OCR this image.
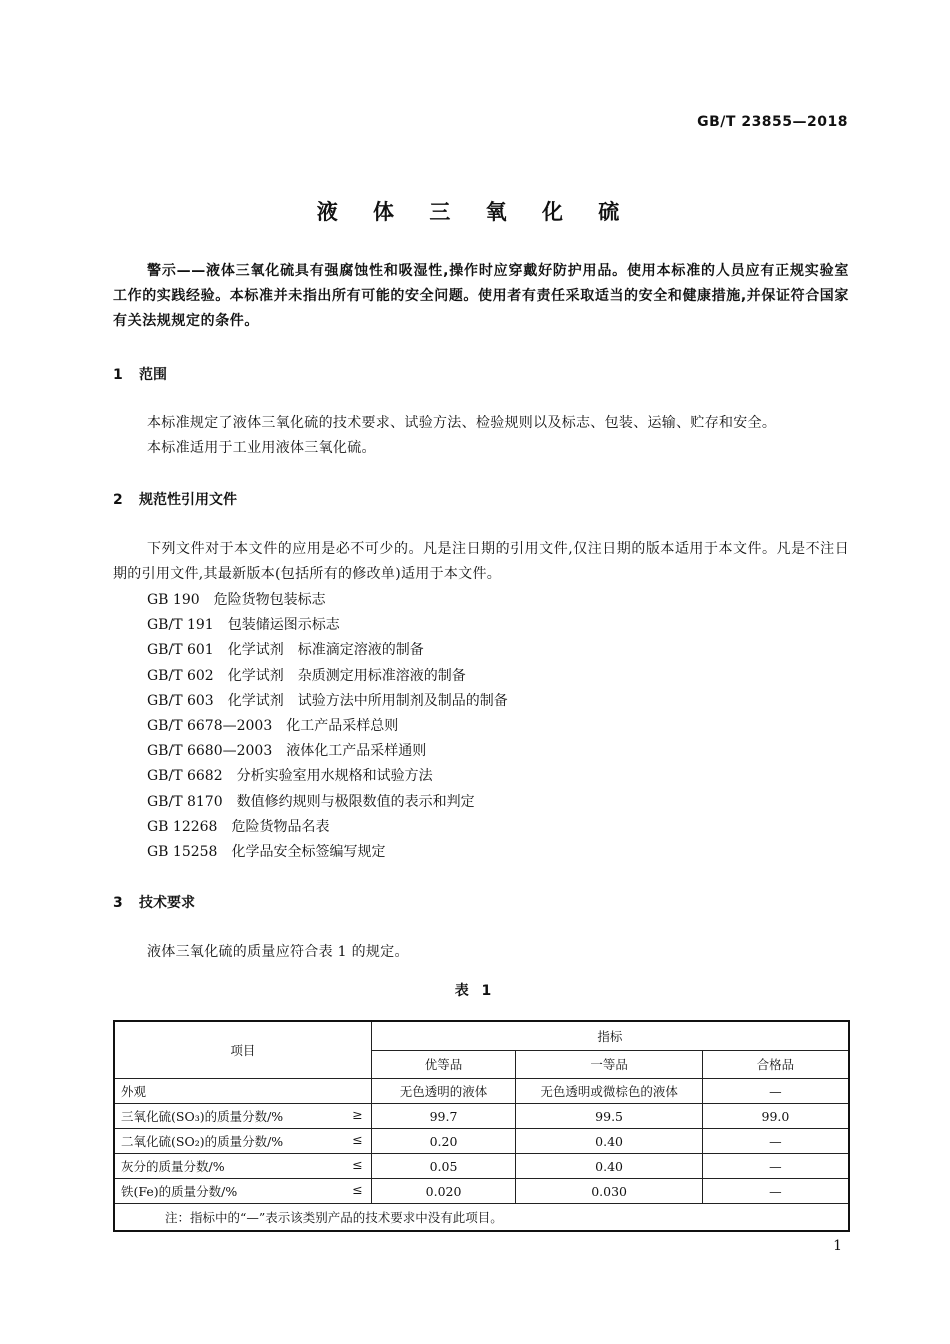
GB/T 23855—2018
液 体 三 氧 化 硫
警示——液体三氧化硫具有强腐蚀性和吸湿性,操作时应穿戴好防护用品。使用本标准的人员应有正规实验室工作的实践经验。本标准并未指出所有可能的安全问题。使用者有责任采取适当的安全和健康措施,并保证符合国家有关法规规定的条件。
1 范围
本标准规定了液体三氧化硫的技术要求、试验方法、检验规则以及标志、包装、运输、贮存和安全。
本标准适用于工业用液体三氧化硫。
2 规范性引用文件
下列文件对于本文件的应用是必不可少的。凡是注日期的引用文件,仅注日期的版本适用于本文件。凡是不注日期的引用文件,其最新版本(包括所有的修改单)适用于本文件。
GB 190 危险货物包装标志
GB/T 191 包装储运图示标志
GB/T 601 化学试剂　标准滴定溶液的制备
GB/T 602 化学试剂　杂质测定用标准溶液的制备
GB/T 603 化学试剂　试验方法中所用制剂及制品的制备
GB/T 6678—2003 化工产品采样总则
GB/T 6680—2003 液体化工产品采样通则
GB/T 6682 分析实验室用水规格和试验方法
GB/T 8170 数值修约规则与极限数值的表示和判定
GB 12268 危险货物品名表
GB 15258 化学品安全标签编写规定
3 技术要求
液体三氧化硫的质量应符合表 1 的规定。
表 1
项目	指标		
	优等品	一等品	合格品
外观	无色透明的液体	无色透明或微棕色的液体	—
三氧化硫(SO₃)的质量分数/% ≥	99.7	99.5	99.0
二氧化硫(SO₂)的质量分数/% ≤	0.20	0.40	—
灰分的质量分数/% ≤	0.05	0.40	—
铁(Fe)的质量分数/% ≤	0.020	0.030	—
注：指标中的“—”表示该类别产品的技术要求中没有此项目。			
1
